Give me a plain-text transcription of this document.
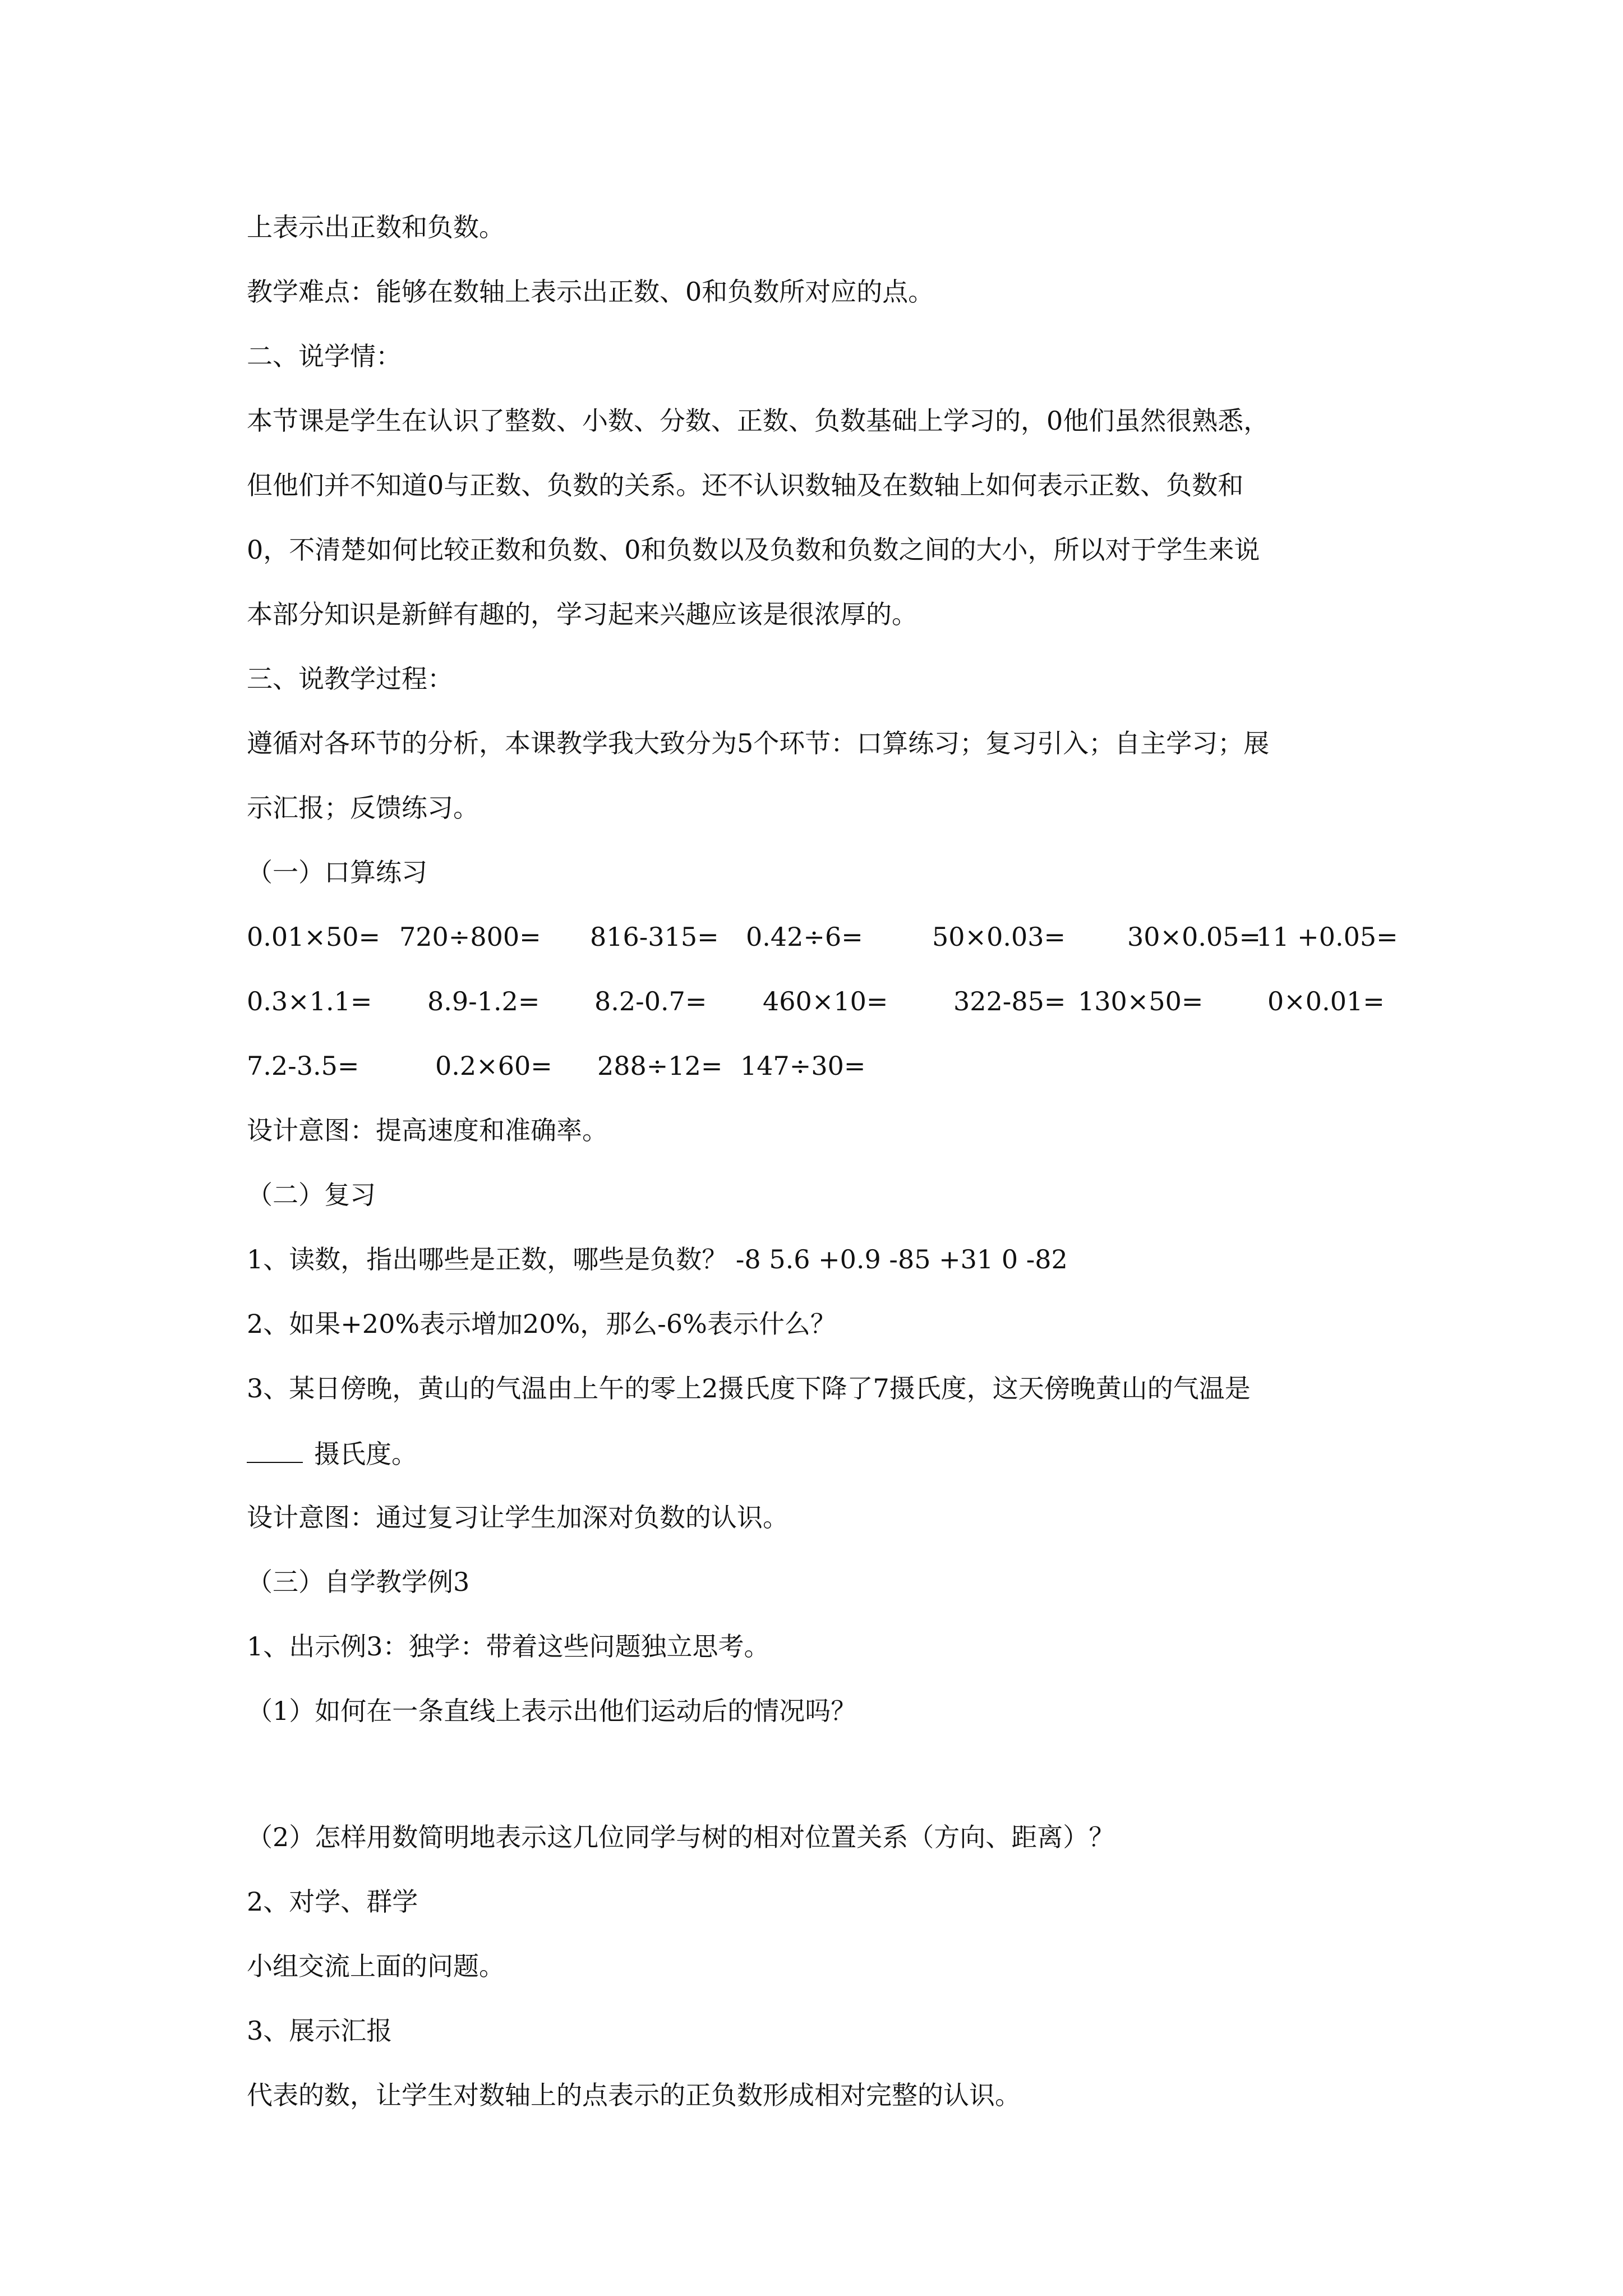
上表示出正数和负数。
教学难点：能够在数轴上表示出正数、0和负数所对应的点。
二、说学情：
本节课是学生在认识了整数、小数、分数、正数、负数基础上学习的，0他们虽然很熟悉，
但他们并不知道0与正数、负数的关系。还不认识数轴及在数轴上如何表示正数、负数和
0，不清楚如何比较正数和负数、0和负数以及负数和负数之间的大小，所以对于学生来说
本部分知识是新鲜有趣的，学习起来兴趣应该是很浓厚的。
三、说教学过程：
遵循对各环节的分析，本课教学我大致分为5个环节：口算练习；复习引入；自主学习；展
示汇报；反馈练习。
（一）口算练习
0.01×50= 720÷800= 816-315= 0.42÷6=	50×0.03= 30×0.05=
11 +0.05=
0.3×1.1= 8.9-1.2= 8.2-0.7= 460×10=	322-85= 130×50= 0×0.01=
7.2-3.5=	0.2×60= 288÷12= 147÷30=
设计意图：提高速度和准确率。
（二）复习
1、读数，指出哪些是正数，哪些是负数？ -8 5.6 +0.9 -85 +31 0 -82
2、如果+20%表示增加20%，那么-6%表示什么？
3、某日傍晚，黄山的气温由上午的零上2摄氏度下降了7摄氏度，这天傍晚黄山的气温是
摄氏度。
设计意图：通过复习让学生加深对负数的认识。
（三）自学教学例3
1、出示例3：独学：带着这些问题独立思考。
（1）如何在一条直线上表示出他们运动后的情况吗？
（2）怎样用数简明地表示这几位同学与树的相对位置关系（方向、距离）？
2、对学、群学
小组交流上面的问题。
3、展示汇报
代表的数，让学生对数轴上的点表示的正负数形成相对完整的认识。
